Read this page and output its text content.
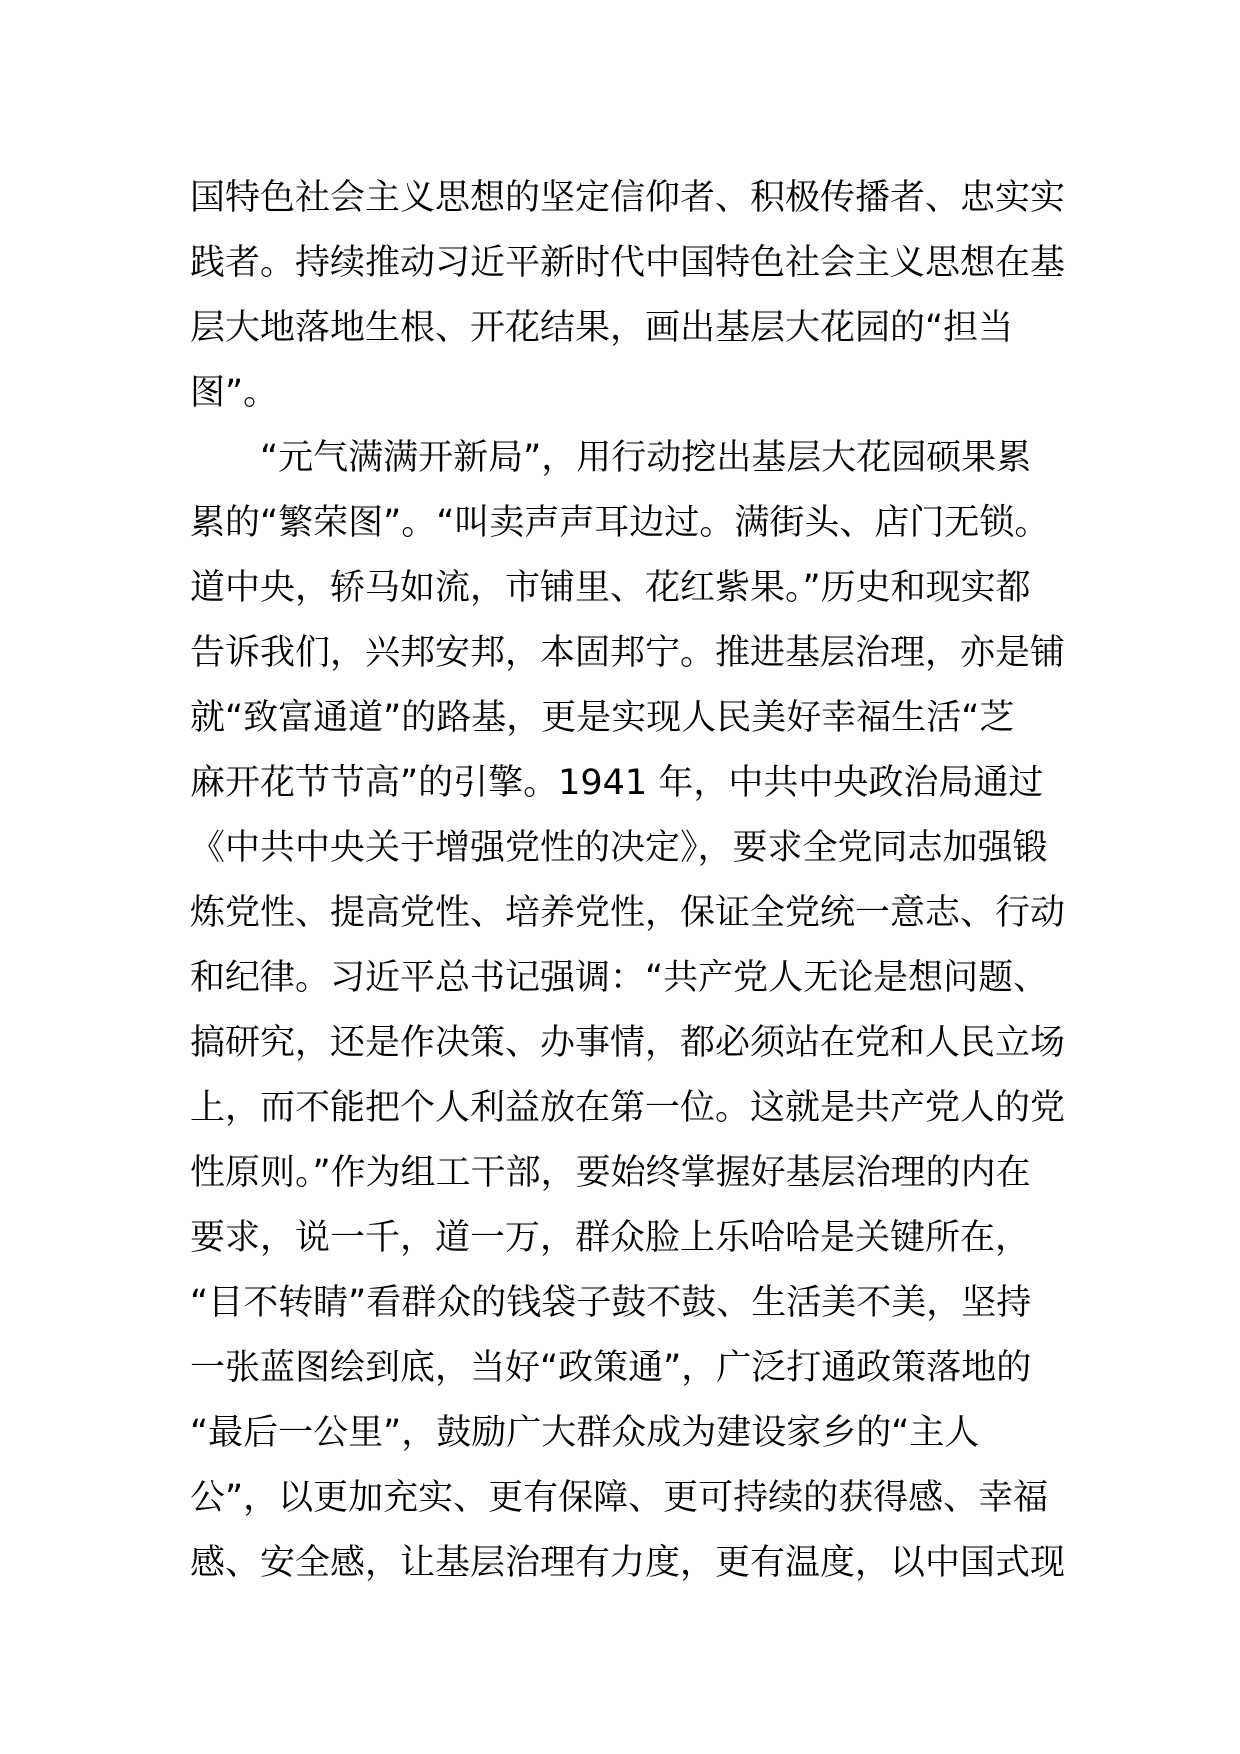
国特色社会主义思想的坚定信仰者、积极传播者、忠实实

践者。持续推动习近平新时代中国特色社会主义思想在基

层大地落地生根、开花结果，画出基层大花园的“担当

图”。

　　“元气满满开新局”，用行动挖出基层大花园硕果累

累的“繁荣图”。“叫卖声声耳边过。满街头、店门无锁。

道中央，轿马如流，市铺里、花红紫果。”历史和现实都

告诉我们，兴邦安邦，本固邦宁。推进基层治理，亦是铺

就“致富通道”的路基，更是实现人民美好幸福生活“芝

麻开花节节高”的引擎。1941 年，中共中央政治局通过

《中共中央关于增强党性的决定》，要求全党同志加强锻

炼党性、提高党性、培养党性，保证全党统一意志、行动

和纪律。习近平总书记强调：“共产党人无论是想问题、

搞研究，还是作决策、办事情，都必须站在党和人民立场

上，而不能把个人利益放在第一位。这就是共产党人的党

性原则。”作为组工干部，要始终掌握好基层治理的内在

要求，说一千，道一万，群众脸上乐哈哈是关键所在，

“目不转睛”看群众的钱袋子鼓不鼓、生活美不美，坚持

一张蓝图绘到底，当好“政策通”，广泛打通政策落地的

“最后一公里”，鼓励广大群众成为建设家乡的“主人

公”，以更加充实、更有保障、更可持续的获得感、幸福

感、安全感，让基层治理有力度，更有温度，以中国式现
